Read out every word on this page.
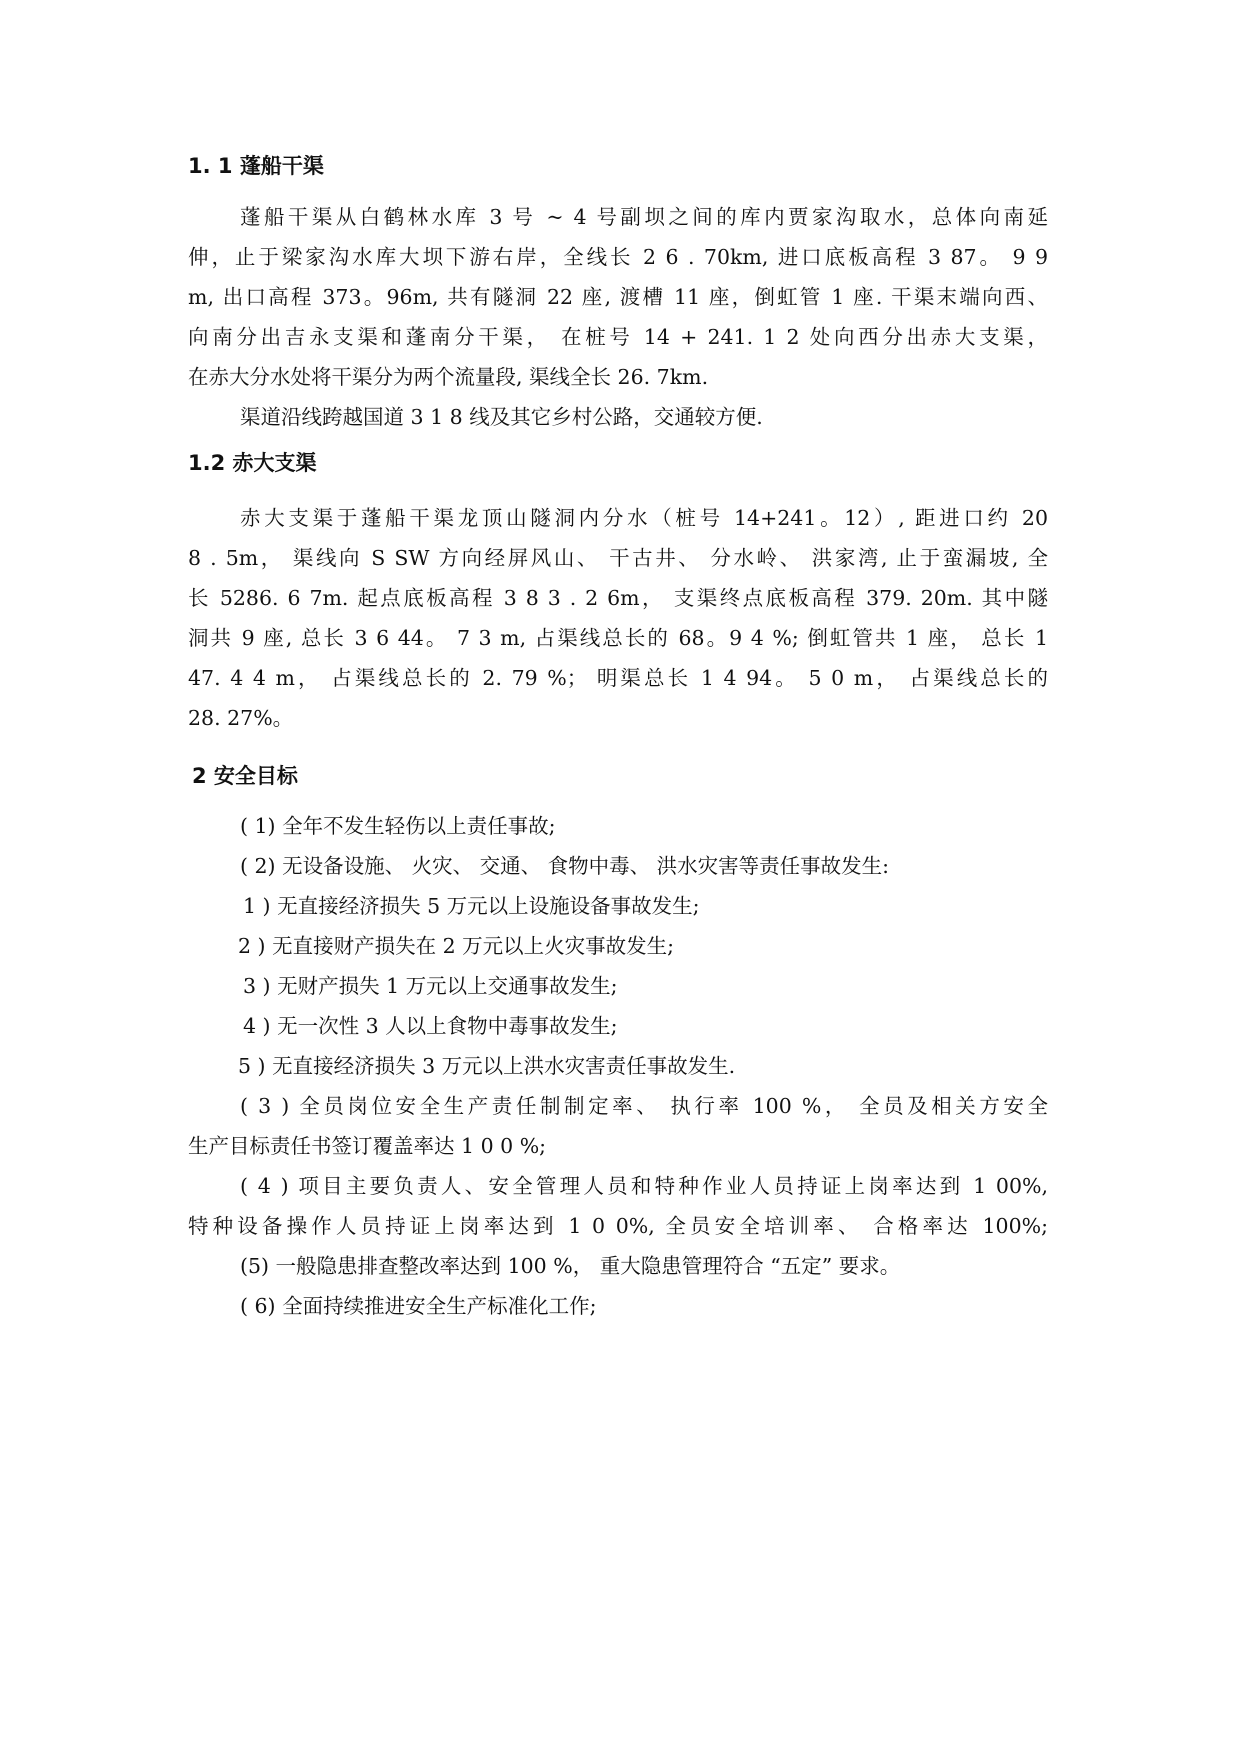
1. 1 蓬船干渠
蓬船干渠从白鹤林水库 3 号 ~ 4 号副坝之间的库内贾家沟取水，总体向南延
伸，止于梁家沟水库大坝下游右岸，全线长 2 6 . 70km, 进口底板高程 3 87。 9 9
m, 出口高程 373。96m, 共有隧洞 22 座, 渡槽 11 座，倒虹管 1 座. 干渠末端向西、
向南分出吉永支渠和蓬南分干渠， 在桩号 14 + 241. 1 2 处向西分出赤大支渠，
在赤大分水处将干渠分为两个流量段, 渠线全长 26. 7km.
渠道沿线跨越国道 3 1 8 线及其它乡村公路，交通较方便.
1.2 赤大支渠
赤大支渠于蓬船干渠龙顶山隧洞内分水（桩号 14+241。12）, 距进口约 20
8 . 5m， 渠线向 S SW 方向经屏风山、 干古井、 分水岭、 洪家湾, 止于蛮漏坡, 全
长 5286. 6 7m. 起点底板高程 3 8 3 . 2 6m， 支渠终点底板高程 379. 20m. 其中隧
洞共 9 座, 总长 3 6 44。 7 3 m, 占渠线总长的 68。9 4 %; 倒虹管共 1 座， 总长 1
47. 4 4 m， 占渠线总长的 2. 79 %； 明渠总长 1 4 94。 5 0 m， 占渠线总长的
28. 27%。
2 安全目标
( 1) 全年不发生轻伤以上责任事故;
( 2) 无设备设施、 火灾、 交通、 食物中毒、 洪水灾害等责任事故发生:
1 ) 无直接经济损失 5 万元以上设施设备事故发生;
2 ) 无直接财产损失在 2 万元以上火灾事故发生;
3 ) 无财产损失 1 万元以上交通事故发生;
4 ) 无一次性 3 人以上食物中毒事故发生;
5 ) 无直接经济损失 3 万元以上洪水灾害责任事故发生.
( 3 ) 全员岗位安全生产责任制制定率、 执行率 100 %， 全员及相关方安全
生产目标责任书签订覆盖率达 1 0 0 %;
( 4 ) 项目主要负责人、安全管理人员和特种作业人员持证上岗率达到 1 00%,
特种设备操作人员持证上岗率达到 1 0 0%, 全员安全培训率、 合格率达 100%;
(5) 一般隐患排查整改率达到 100 %， 重大隐患管理符合 “五定” 要求。
( 6) 全面持续推进安全生产标准化工作;
